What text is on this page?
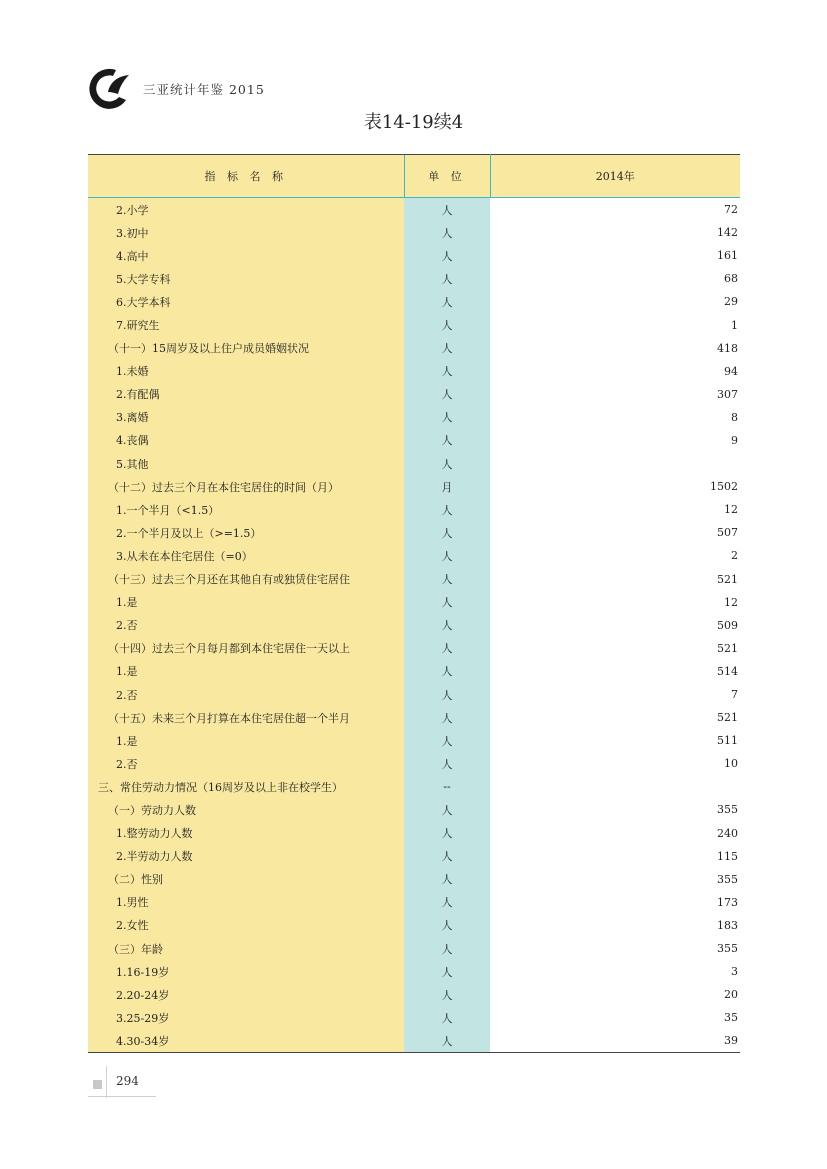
三亚统计年鉴 2015
表14-19续4
指 标 名 称	单 位	2014年
2.小学	人	72
3.初中	人	142
4.高中	人	161
5.大学专科	人	68
6.大学本科	人	29
7.研究生	人	1
（十一）15周岁及以上住户成员婚姻状况	人	418
1.未婚	人	94
2.有配偶	人	307
3.离婚	人	8
4.丧偶	人	9
5.其他	人	
（十二）过去三个月在本住宅居住的时间（月）	月	1502
1.一个半月（<1.5）	人	12
2.一个半月及以上（>=1.5）	人	507
3.从未在本住宅居住（=0）	人	2
（十三）过去三个月还在其他自有或独赁住宅居住	人	521
1.是	人	12
2.否	人	509
（十四）过去三个月每月都到本住宅居住一天以上	人	521
1.是	人	514
2.否	人	7
（十五）未来三个月打算在本住宅居住超一个半月	人	521
1.是	人	511
2.否	人	10
三、常住劳动力情况（16周岁及以上非在校学生）	--	
（一）劳动力人数	人	355
1.整劳动力人数	人	240
2.半劳动力人数	人	115
（二）性别	人	355
1.男性	人	173
2.女性	人	183
（三）年龄	人	355
1.16-19岁	人	3
2.20-24岁	人	20
3.25-29岁	人	35
4.30-34岁	人	39
294
